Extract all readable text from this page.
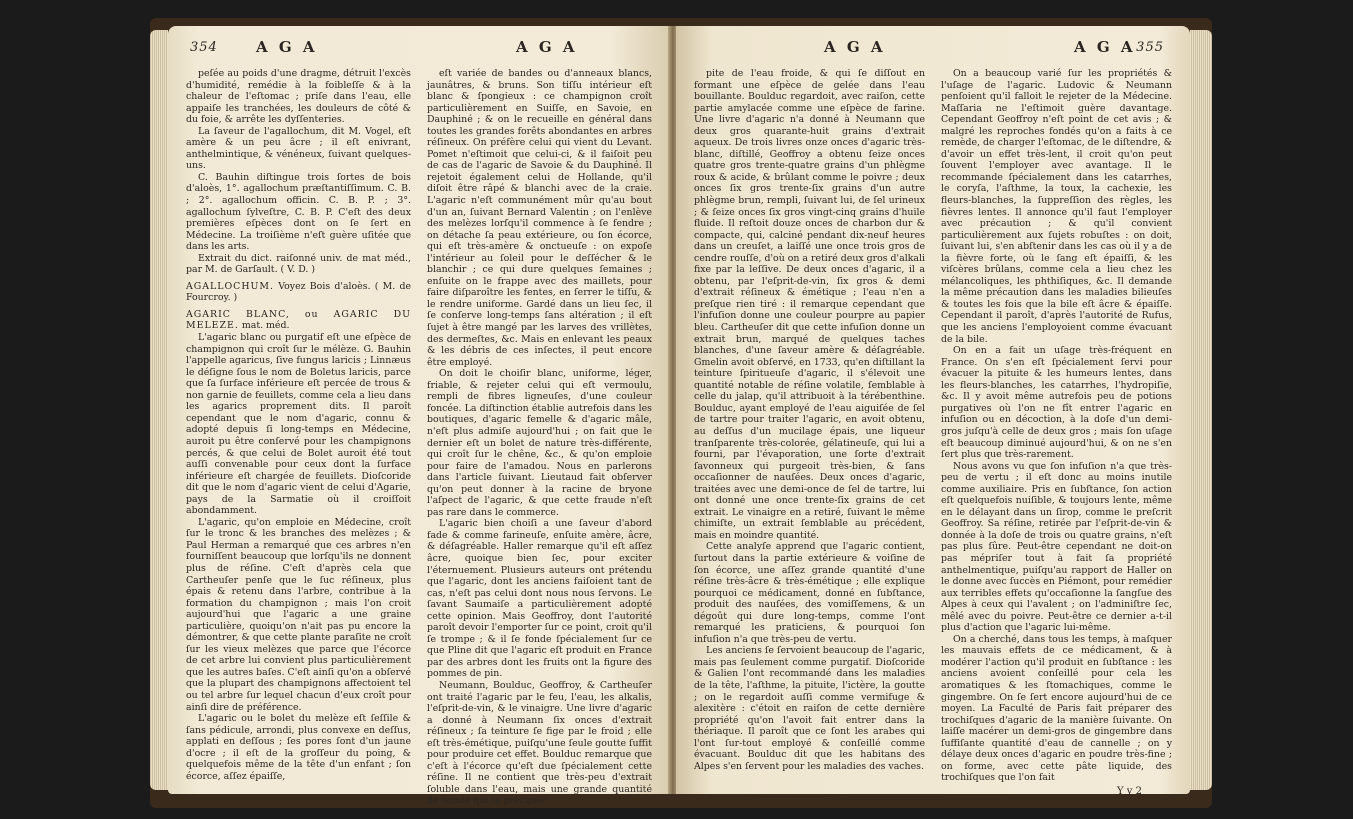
354	A G A	A G A

peſée au poids d'une dragme, détruit l'excès d'humidité, remédie à la foibleſſe & à la chaleur de l'eſtomac ; priſe dans l'eau, elle appaiſe les tranchées, les douleurs de côté & du foie, & arrête les dyſſenteries.

La ſaveur de l'agallochum, dit M. Vogel, eſt amère & un peu âcre ; il eſt enivrant, anthelmintique, & vénéneux, ſuivant quelques-uns.

C. Bauhin diſtingue trois ſortes de bois d'aloès, 1°. agallochum præſtantiſſimum. C. B. ; 2°. agallochum officin. C. B. P. ; 3°. agallochum ſylveſtre, C. B. P. C'eſt des deux premières eſpèces dont on ſe ſert en Médecine. La troiſième n'eſt guère uſitée que dans les arts.

Extrait du dict. raiſonné univ. de mat méd., par M. de Garſault. ( V. D. )

AGALLOCHUM. Voyez Bois d'aloès. ( M. de Fourcroy. )

AGARIC BLANC, ou AGARIC DU MELEZE. mat. méd.

L'agaric blanc ou purgatif eſt une eſpèce de champignon qui croît ſur le mélèze. G. Bauhin l'appelle agaricus, ſive fungus laricis ; Linnæus le déſigne ſous le nom de Boletus laricis, parce que ſa ſurface inférieure eſt percée de trous & non garnie de feuillets, comme cela a lieu dans les agarics proprement dits. Il paroît cependant que le nom d'agaric, connu & adopté depuis ſi long-temps en Médecine, auroit pu être conſervé pour les champignons percés, & que celui de Bolet auroit été tout auſſi convenable pour ceux dont la ſurface inférieure eſt chargée de feuillets. Dioſcoride dit que le nom d'agaric vient de celui d'Agarie, pays de la Sarmatie où il croiſſoit abondamment.

L'agaric, qu'on emploie en Médecine, croît ſur le tronc & les branches des melèzes ; & Paul Herman a remarqué que ces arbres n'en fourniſſent beaucoup que lorſqu'ils ne donnent plus de réſine. C'eſt d'après cela que Cartheuſer penſe que le ſuc réſineux, plus épais & retenu dans l'arbre, contribue à la formation du champignon ; mais l'on croit aujourd'hui que l'agaric a une graine particulière, quoiqu'on n'ait pas pu encore la démontrer, & que cette plante paraſite ne croît ſur les vieux melèzes que parce que l'écorce de cet arbre lui convient plus particulièrement que les autres baſes. C'eſt ainſi qu'on a obſervé que la plupart des champignons affectoient tel ou tel arbre ſur lequel chacun d'eux croît pour ainſi dire de préférence.

L'agaric ou le bolet du melèze eſt ſeſſile & ſans pédicule, arrondi, plus convexe en deſſus, applati en deſſous ; ſes pores ſont d'un jaune d'ocre ; il eſt de la groſſeur du poing, & quelquefois même de la tête d'un enfant ; ſon écorce, aſſez épaiſſe,

eſt variée de bandes ou d'anneaux blancs, jaunâtres, & bruns. Son tiſſu intérieur eſt blanc & ſpongieux : ce champignon croît particulièrement en Suiſſe, en Savoie, en Dauphiné ; & on le recueille en général dans toutes les grandes forêts abondantes en arbres réſineux. On préfère celui qui vient du Levant. Pomet n'eſtimoit que celui-ci, & il faiſoit peu de cas de l'agaric de Savoie & du Dauphiné. Il rejetoit également celui de Hollande, qu'il diſoit être râpé & blanchi avec de la craie. L'agaric n'eſt communément mûr qu'au bout d'un an, ſuivant Bernard Valentin ; on l'enlève des melèzes lorſqu'il commence à ſe fendre ; on détache ſa peau extérieure, ou ſon écorce, qui eſt très-amère & onctueuſe : on expoſe l'intérieur au ſoleil pour le deſſécher & le blanchir ; ce qui dure quelques ſemaines ; enſuite on le frappe avec des maillets, pour faire diſparoître les fentes, en ſerrer le tiſſu, & le rendre uniforme. Gardé dans un lieu ſec, il ſe conſerve long-temps ſans altération ; il eſt ſujet à être mangé par les larves des vrillètes, des dermeſtes, &c. Mais en enlevant les peaux & les débris de ces inſectes, il peut encore être employé.

On doit le choiſir blanc, uniforme, léger, friable, & rejeter celui qui eſt vermoulu, rempli de fibres ligneuſes, d'une couleur foncée. La diſtinction établie autrefois dans les boutiques, d'agaric femelle & d'agaric mâle, n'eſt plus admiſe aujourd'hui ; on fait que le dernier eſt un bolet de nature très-différente, qui croît ſur le chêne, &c., & qu'on emploie pour faire de l'amadou. Nous en parlerons dans l'article ſuivant. Lieutaud fait obſerver qu'on peut donner à la racine de bryone l'aſpect de l'agaric, & que cette fraude n'eſt pas rare dans le commerce.

L'agaric bien choiſi a une ſaveur d'abord fade & comme farineuſe, enſuite amère, âcre, & déſagréable. Haller remarque qu'il eſt aſſez âcre, quoique bien ſec, pour exciter l'éternuement. Plusieurs auteurs ont prétendu que l'agaric, dont les anciens faiſoient tant de cas, n'eſt pas celui dont nous nous ſervons. Le ſavant Saumaiſe a particulièrement adopté cette opinion. Mais Geoffroy, dont l'autorité paroît devoir l'emporter ſur ce point, croit qu'il ſe trompe ; & il ſe fonde ſpécialement ſur ce que Pline dit que l'agaric eſt produit en France par des arbres dont les fruits ont la figure des pommes de pin.

Neumann, Boulduc, Geoffroy, & Cartheuſer ont traité l'agaric par le feu, l'eau, les alkalis, l'eſprit-de-vin, & le vinaigre. Une livre d'agaric a donné à Neumann ſix onces d'extrait réſineux ; ſa teinture ſe fige par le froid ; elle eſt très-émétique, puiſqu'une ſeule goutte ſuffit pour produire cet effet. Boulduc remarque que c'eſt à l'écorce qu'eſt due ſpécialement cette réſine. Il ne contient que très-peu d'extrait ſoluble dans l'eau, mais une grande quantité de fécule qui ſe précipite

A G A	A G A 355

pite de l'eau froide, & qui ſe diſſout en formant une eſpèce de gelée dans l'eau bouillante. Boulduc regardoit, avec raiſon, cette partie amylacée comme une eſpèce de farine. Une livre d'agaric n'a donné à Neumann que deux gros quarante-huit grains d'extrait aqueux. De trois livres onze onces d'agaric très-blanc, diſtillé, Geoffroy a obtenu ſeize onces quatre gros trente-quatre grains d'un phlègme roux & acide, & brûlant comme le poivre ; deux onces ſix gros trente-ſix grains d'un autre phlègme brun, rempli, ſuivant lui, de ſel urineux ; & ſeize onces ſix gros vingt-cinq grains d'huile fluide. Il reſtoit douze onces de charbon dur & compacte, qui, calciné pendant dix-neuf heures dans un creuſet, a laiſſé une once trois gros de cendre rouſſe, d'où on a retiré deux gros d'alkali fixe par la leſſive. De deux onces d'agaric, il a obtenu, par l'eſprit-de-vin, ſix gros & demi d'extrait réſineux & émétique ; l'eau n'en a preſque rien tiré : il remarque cependant que l'infuſion donne une couleur pourpre au papier bleu. Cartheuſer dit que cette infuſion donne un extrait brun, marqué de quelques taches blanches, d'une ſaveur amère & déſagréable. Gmelin avoit obſervé, en 1733, qu'en diſtillant la teinture ſpiritueuſe d'agaric, il s'élevoit une quantité notable de réſine volatile, ſemblable à celle du jalap, qu'il attribuoit à la térébenthine. Boulduc, ayant employé de l'eau aiguiſée de ſel de tartre pour traiter l'agaric, en avoit obtenu, au deſſus d'un mucilage épais, une liqueur tranſparente très-colorée, gélatineuſe, qui lui a fourni, par l'évaporation, une ſorte d'extrait ſavonneux qui purgeoit très-bien, & ſans occaſionner de nauſées. Deux onces d'agaric, traitées avec une demi-once de ſel de tartre, lui ont donné une once trente-ſix grains de cet extrait. Le vinaigre en a retiré, ſuivant le même chimiſte, un extrait ſemblable au précédent, mais en moindre quantité.

Cette analyſe apprend que l'agaric contient, ſurtout dans la partie extérieure & voiſine de ſon écorce, une aſſez grande quantité d'une réſine très-âcre & très-émétique ; elle explique pourquoi ce médicament, donné en ſubſtance, produit des nauſées, des vomiſſemens, & un dégoût qui dure long-temps, comme l'ont remarqué les praticiens, & pourquoi ſon infuſion n'a que très-peu de vertu.

Les anciens ſe ſervoient beaucoup de l'agaric, mais pas ſeulement comme purgatif. Dioſcoride & Galien l'ont recommandé dans les maladies de la tête, l'aſthme, la pituite, l'ictère, la goutte ; on le regardoit auſſi comme vermifuge & alexitère : c'étoit en raiſon de cette dernière propriété qu'on l'avoit fait entrer dans la thériaque. Il paroît que ce ſont les arabes qui l'ont ſur-tout employé & conſeillé comme évacuant. Boulduc dit que les habitans des Alpes s'en ſervent pour les maladies des vaches.

On a beaucoup varié ſur les propriétés & l'uſage de l'agaric. Ludovic & Neumann penſoient qu'il falloit le rejeter de la Médecine. Maſſaria ne l'eſtimoit guère davantage. Cependant Geoffroy n'eſt point de cet avis ; & malgré les reproches fondés qu'on a faits à ce remède, de charger l'eſtomac, de le diſtendre, & d'avoir un effet très-lent, il croit qu'on peut ſouvent l'employer avec avantage. Il le recommande ſpécialement dans les catarrhes, le coryſa, l'aſthme, la toux, la cachexie, les fleurs-blanches, la ſuppreſſion des règles, les fièvres lentes. Il annonce qu'il faut l'employer avec précaution ; & qu'il convient particulièrement aux ſujets robuſtes : on doit, ſuivant lui, s'en abſtenir dans les cas où il y a de la fièvre forte, où le ſang eſt épaiſſi, & les viſcères brûlans, comme cela a lieu chez les mélancoliques, les phthiſiques, &c. Il demande la même précaution dans les maladies bilieuſes & toutes les fois que la bile eſt âcre & épaiſſe. Cependant il paroît, d'après l'autorité de Rufus, que les anciens l'employoient comme évacuant de la bile.

On en a fait un uſage très-fréquent en France. On s'en eſt ſpécialement ſervi pour évacuer la pituite & les humeurs lentes, dans les fleurs-blanches, les catarrhes, l'hydropiſie, &c. Il y avoit même autrefois peu de potions purgatives où l'on ne fît entrer l'agaric en infuſion ou en décoction, à la doſe d'un demi-gros juſqu'à celle de deux gros ; mais ſon uſage eſt beaucoup diminué aujourd'hui, & on ne s'en ſert plus que très-rarement.

Nous avons vu que ſon infuſion n'a que très-peu de vertu ; il eſt donc au moins inutile comme auxiliaire. Pris en ſubſtance, ſon action eſt quelquefois nuiſible, & toujours lente, même en le délayant dans un ſirop, comme le preſcrit Geoffroy. Sa réſine, retirée par l'eſprit-de-vin & donnée à la doſe de trois ou quatre grains, n'eſt pas plus ſûre. Peut-être cependant ne doit-on pas mépriſer tout à fait ſa propriété anthelmentique, puiſqu'au rapport de Haller on le donne avec ſuccès en Piémont, pour remédier aux terribles effets qu'occaſionne la ſangſue des Alpes à ceux qui l'avalent ; on l'adminiſtre ſec, mêlé avec du poivre. Peut-être ce dernier a-t-il plus d'action que l'agaric lui-même.

On a cherché, dans tous les temps, à maſquer les mauvais effets de ce médicament, & à modérer l'action qu'il produit en ſubſtance : les anciens avoient conſeillé pour cela les aromatiques & les ſtomachiques, comme le gingembre. On ſe ſert encore aujourd'hui de ce moyen. La Faculté de Paris fait préparer des trochiſques d'agaric de la manière ſuivante. On laiſſe macérer un demi-gros de gingembre dans ſuffiſante quantité d'eau de cannelle ; on y délaye deux onces d'agaric en poudre très-fine ; on forme, avec cette pâte liquide, des trochiſques que l'on fait

Y y 2
